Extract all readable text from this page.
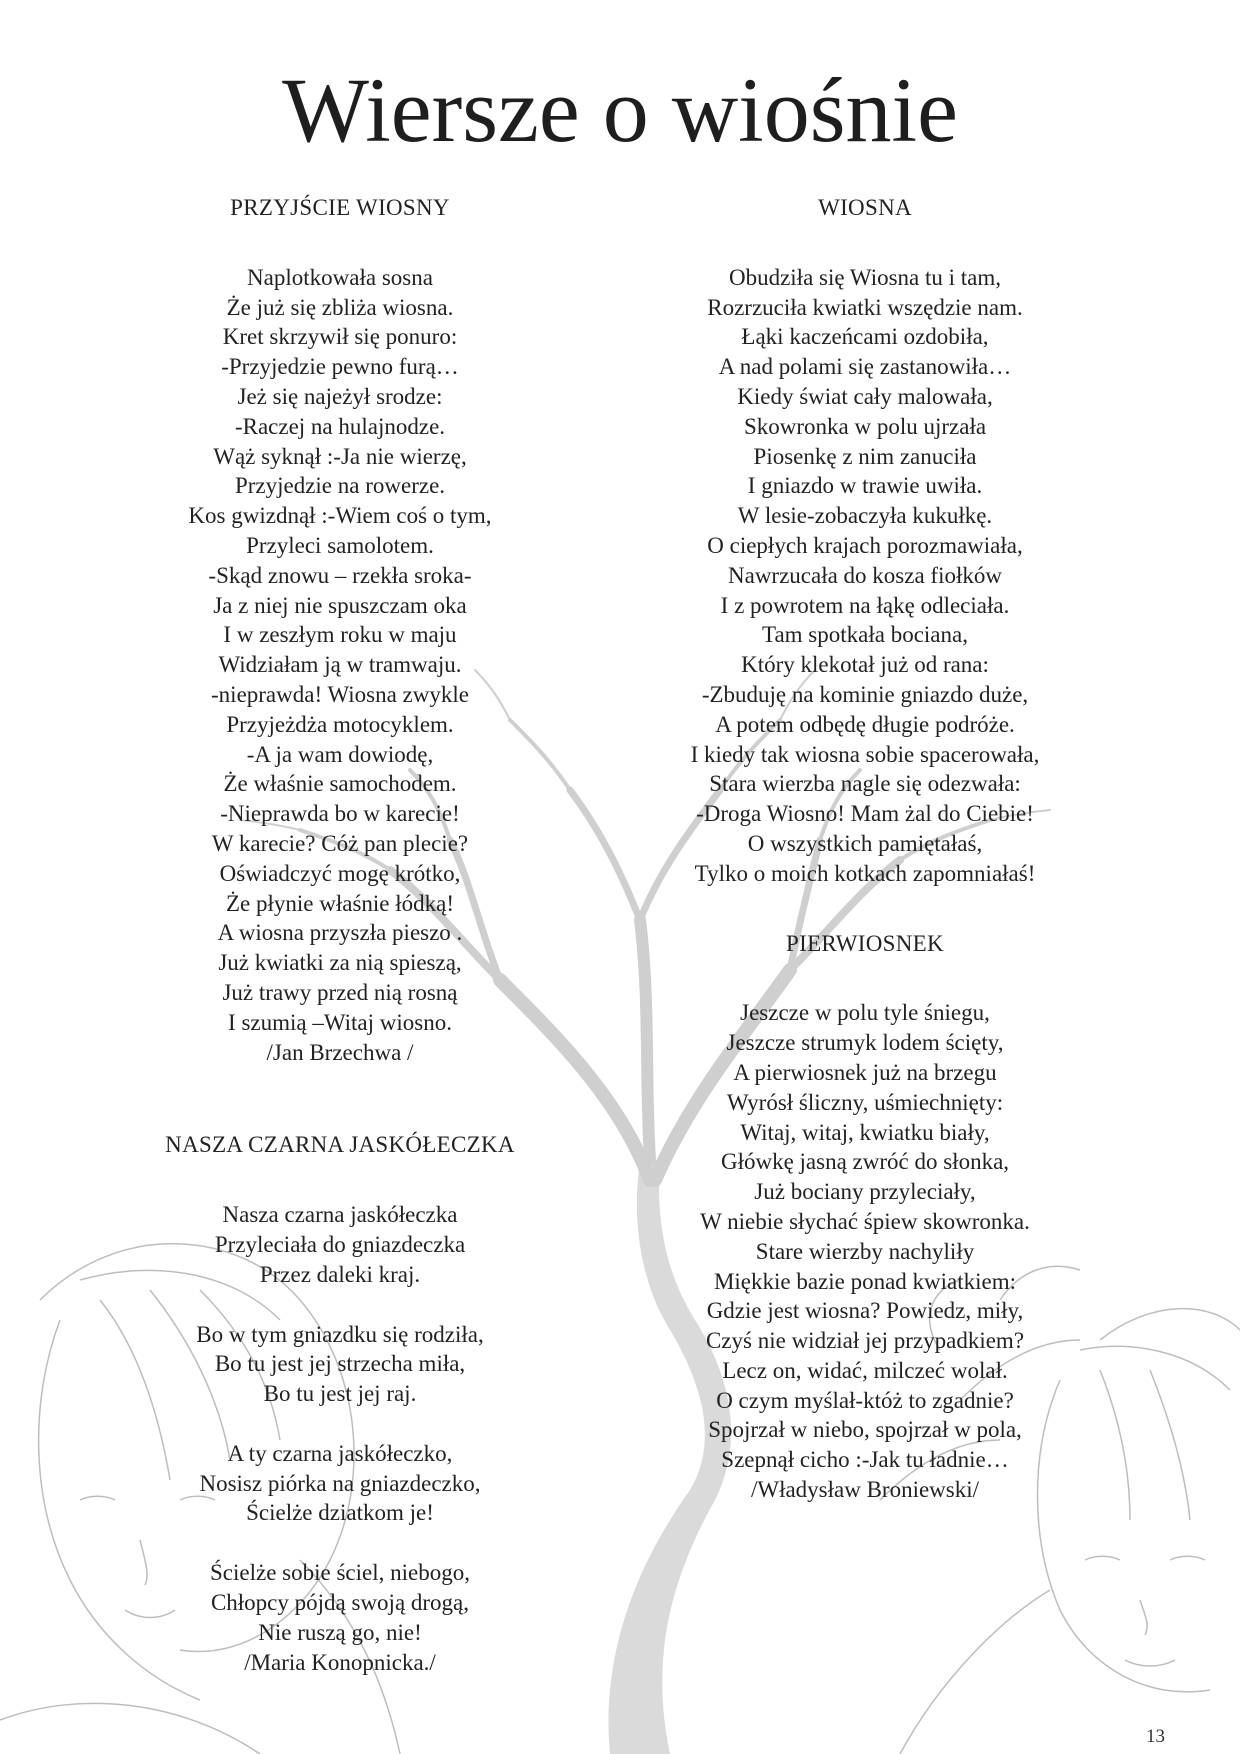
Wiersze o wiośnie
PRZYJŚCIE WIOSNY
Naplotkowała sosna
Że już się zbliża wiosna.
Kret skrzywił się ponuro:
-Przyjedzie pewno furą…
Jeż się najeżył srodze:
-Raczej na hulajnodze.
Wąż syknął :-Ja nie wierzę,
Przyjedzie na rowerze.
Kos gwizdnął :-Wiem coś o tym,
Przyleci samolotem.
-Skąd znowu – rzekła sroka-
Ja z niej nie spuszczam oka
I w zeszłym roku w maju
Widziałam ją w tramwaju.
-nieprawda! Wiosna zwykle
Przyjeżdża motocyklem.
-A ja wam dowiodę,
Że właśnie samochodem.
-Nieprawda bo w karecie!
W karecie? Cóż pan plecie?
Oświadczyć mogę krótko,
Że płynie właśnie łódką!
A wiosna przyszła pieszo .
Już kwiatki za nią spieszą,
Już trawy przed nią rosną
I szumią –Witaj wiosno.
/Jan Brzechwa /
NASZA CZARNA JASKÓŁECZKA
Nasza czarna jaskółeczka
Przyleciała do gniazdeczka
Przez daleki kraj.
Bo w tym gniazdku się rodziła,
Bo tu jest jej strzecha miła,
Bo tu jest jej raj.
A ty czarna jaskółeczko,
Nosisz piórka na gniazdeczko,
Ścielże dziatkom je!
Ścielże sobie ściel, niebogo,
Chłopcy pójdą swoją drogą,
Nie ruszą go, nie!
/Maria Konopnicka./
WIOSNA
Obudziła się Wiosna tu i tam,
Rozrzuciła kwiatki wszędzie nam.
Łąki kaczeńcami ozdobiła,
A nad polami się zastanowiła…
Kiedy świat cały malowała,
Skowronka w polu ujrzała
Piosenkę z nim zanuciła
I gniazdo w trawie uwiła.
W lesie-zobaczyła kukułkę.
O ciepłych krajach porozmawiała,
Nawrzucała do kosza fiołków
I z powrotem na łąkę odleciała.
Tam spotkała bociana,
Który klekotał już od rana:
-Zbuduję na kominie gniazdo duże,
A potem odbędę długie podróże.
I kiedy tak wiosna sobie spacerowała,
Stara wierzba nagle się odezwała:
-Droga Wiosno! Mam żal do Ciebie!
O wszystkich pamiętałaś,
Tylko o moich kotkach zapomniałaś!
PIERWIOSNEK
Jeszcze w polu tyle śniegu,
Jeszcze strumyk lodem ścięty,
A pierwiosnek już na brzegu
Wyrósł śliczny, uśmiechnięty:
Witaj, witaj, kwiatku biały,
Główkę jasną zwróć do słonka,
Już bociany przyleciały,
W niebie słychać śpiew skowronka.
Stare wierzby nachyliły
Miękkie bazie ponad kwiatkiem:
Gdzie jest wiosna? Powiedz, miły,
Czyś nie widział jej przypadkiem?
Lecz on, widać, milczeć wolał.
O czym myślał-któż to zgadnie?
Spojrzał w niebo, spojrzał w pola,
Szepnął cicho :-Jak tu ładnie…
/Władysław Broniewski/
13
